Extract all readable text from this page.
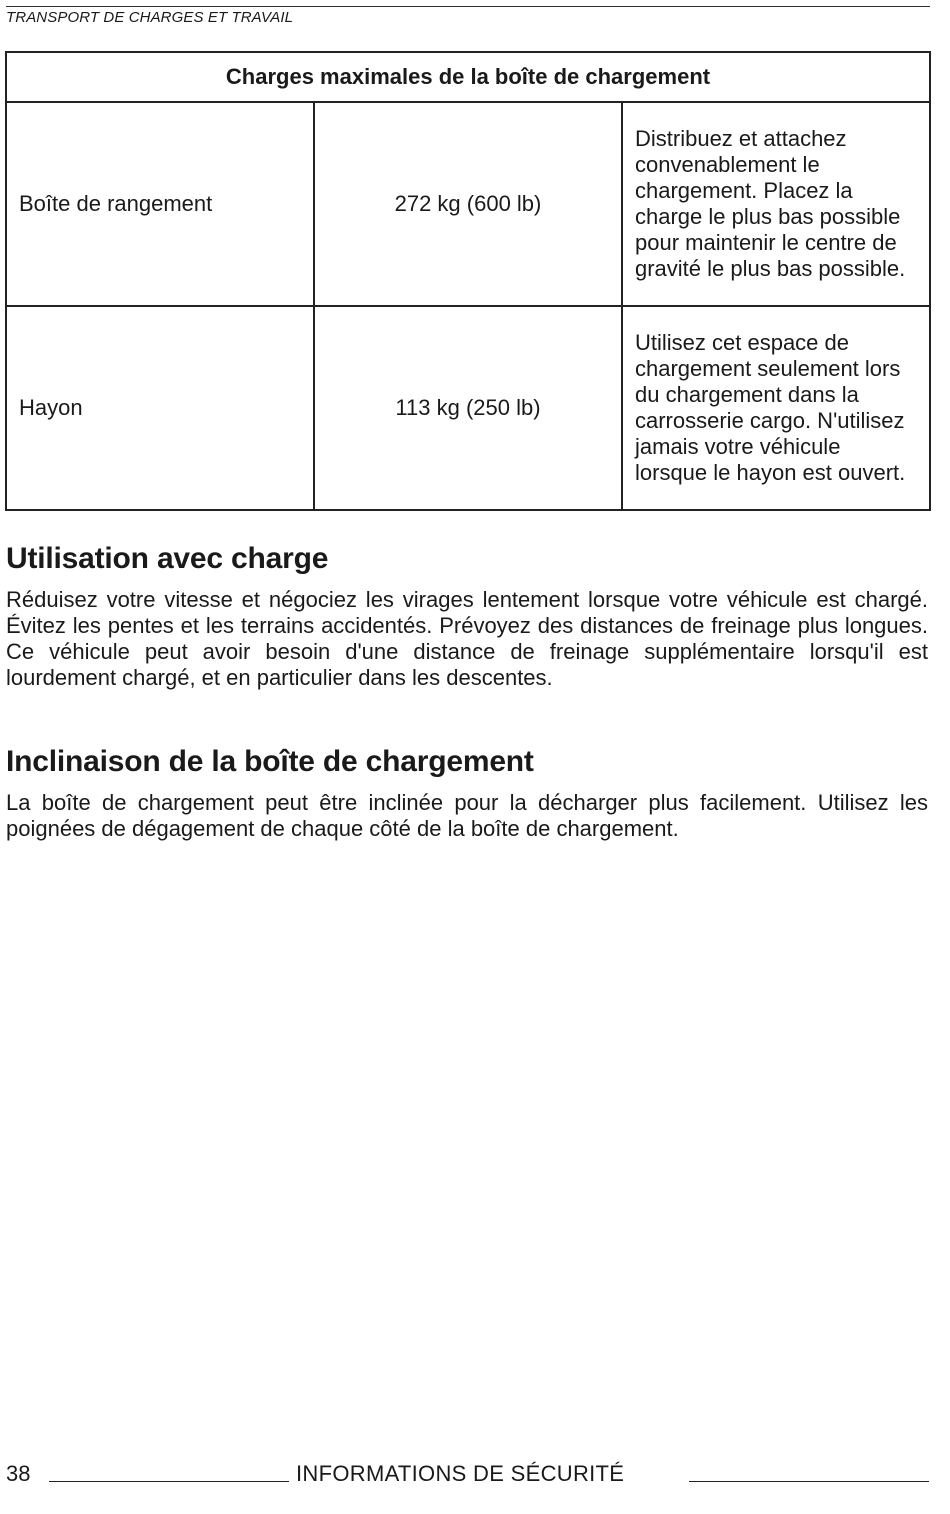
TRANSPORT DE CHARGES ET TRAVAIL
Charges maximales de la boîte de chargement		
Boîte de rangement	272 kg (600 lb)	Distribuez et attachez convenablement le chargement. Placez la charge le plus bas possible pour maintenir le centre de gravité le plus bas possible.
Hayon	113 kg (250 lb)	Utilisez cet espace de chargement seulement lors du chargement dans la carrosserie cargo. N'utilisez jamais votre véhicule lorsque le hayon est ouvert.
Utilisation avec charge
Réduisez votre vitesse et négociez les virages lentement lorsque votre véhicule est chargé. Évitez les pentes et les terrains accidentés. Prévoyez des distances de freinage plus longues. Ce véhicule peut avoir besoin d'une distance de freinage supplémentaire lorsqu'il est lourdement chargé, et en particulier dans les descentes.
Inclinaison de la boîte de chargement
La boîte de chargement peut être inclinée pour la décharger plus facilement. Utilisez les poignées de dégagement de chaque côté de la boîte de chargement.
38	INFORMATIONS DE SÉCURITÉ
